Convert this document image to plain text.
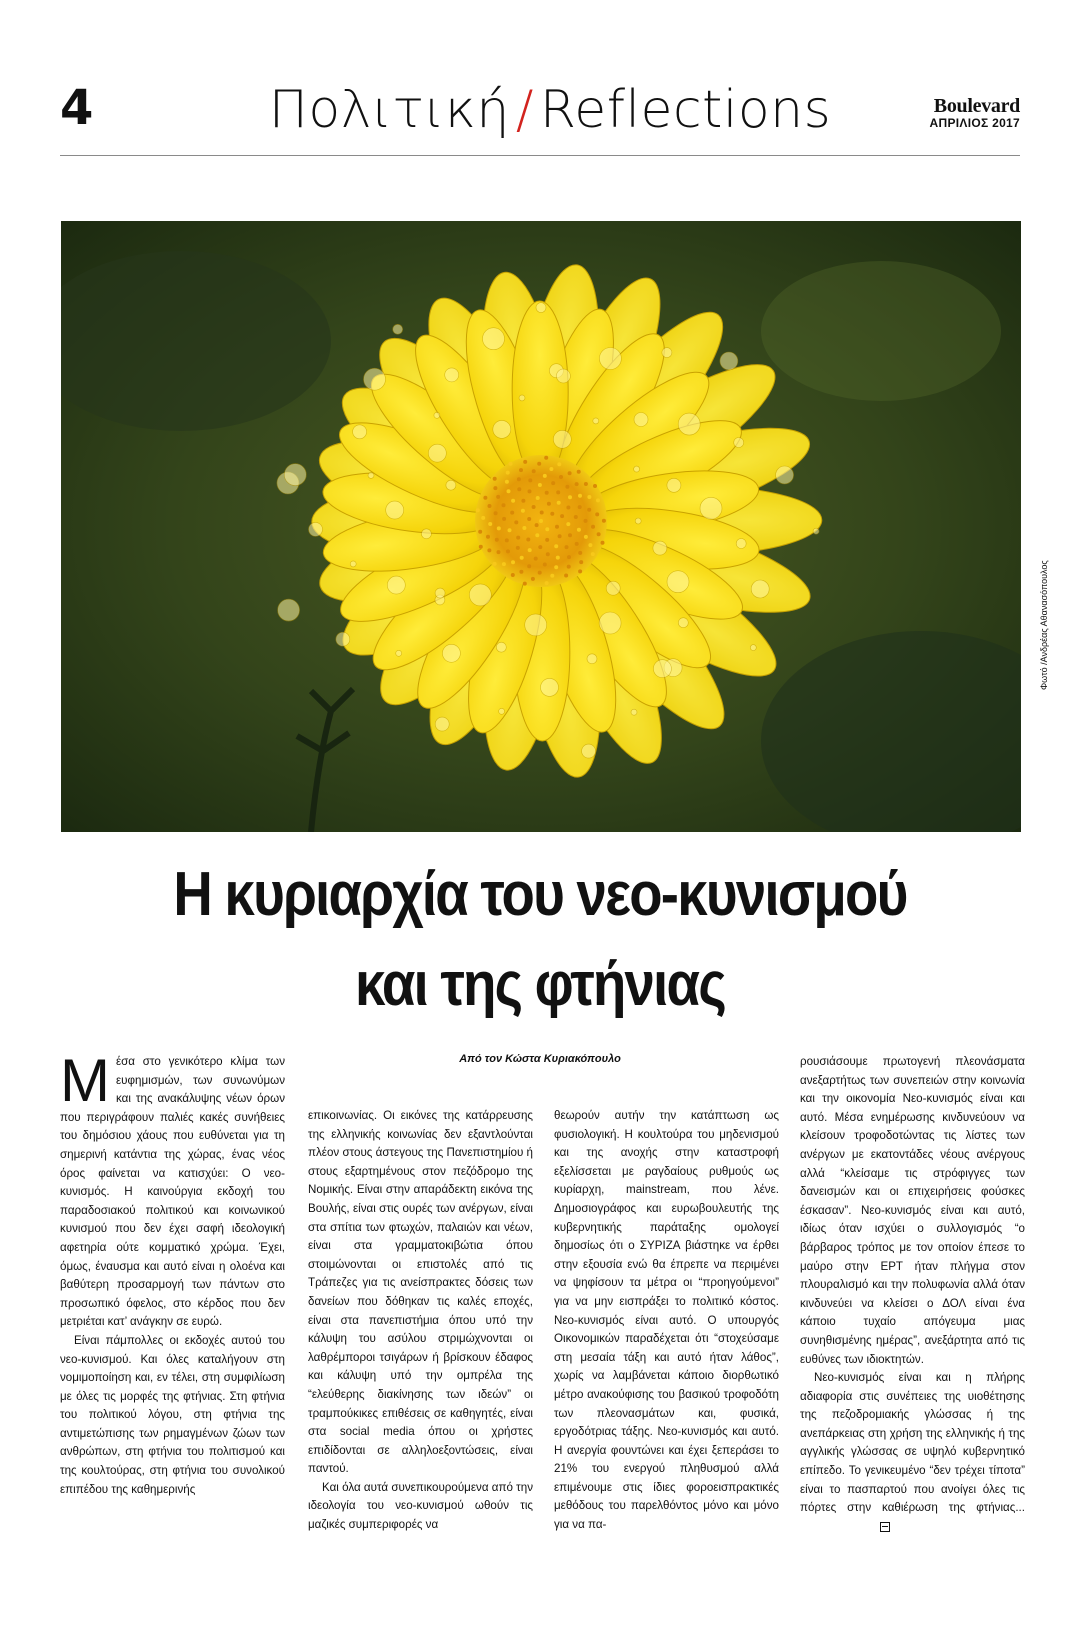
4	Πολιτική / Reflections	Boulevard
ΑΠΡΙΛΙΟΣ 2017
Φωτό /Ανδρέας Αθανασόπουλος
Η κυριαρχία του νεο-κυνισμού
και της φτήνιας
Από τον Κώστα Κυριακόπουλο

Μέσα στο γενικότερο κλίμα των ευφημισμών, των συνωνύμων και της ανακάλυψης νέων όρων που περιγράφουν παλιές κακές συνήθειες του δημόσιου χάους που ευθύνεται για τη σημερινή κατάντια της χώρας, ένας νέος όρος φαίνεται να κατισχύει: Ο νεο-κυνισμός. Η καινούργια εκδοχή του παραδοσιακού πολιτικού και κοινωνικού κυνισμού που δεν έχει σαφή ιδεολογική αφετηρία ούτε κομματικό χρώμα. Έχει, όμως, έναυσμα και αυτό είναι η ολοένα και βαθύτερη προσαρμογή των πάντων στο προσωπικό όφελος, στο κέρδος που δεν μετριέται κατ’ ανάγκην σε ευρώ.

Είναι πάμπολλες οι εκδοχές αυτού του νεο-κυνισμού. Και όλες καταλήγουν στη νομιμοποίηση και, εν τέλει, στη συμφιλίωση με όλες τις μορφές της φτήνιας. Στη φτήνια του πολιτικού λόγου, στη φτήνια της αντιμετώπισης των ρημαγμένων ζώων των ανθρώπων, στη φτήνια του πολιτισμού και της κουλτούρας, στη φτήνια του συνολικού επιπέδου της καθημερινής

επικοινωνίας. Οι εικόνες της κατάρρευσης της ελληνικής κοινωνίας δεν εξαντλούνται πλέον στους άστεγους της Πανεπιστημίου ή στους εξαρτημένους στον πεζόδρομο της Νομικής. Είναι στην απαράδεκτη εικόνα της Βουλής, είναι στις ουρές των ανέργων, είναι στα σπίτια των φτωχών, παλαιών και νέων, είναι στα γραμματοκιβώτια όπου στοιμώνονται οι επιστολές από τις Τράπεζες για τις ανείσπρακτες δόσεις των δανείων που δόθηκαν τις καλές εποχές, είναι στα πανεπιστήμια όπου υπό την κάλυψη του ασύλου στριμώχνονται οι λαθρέμποροι τσιγάρων ή βρίσκουν έδαφος και κάλυψη υπό την ομπρέλα της “ελεύθερης διακίνησης των ιδεών” οι τραμπούκικες επιθέσεις σε καθηγητές, είναι στα social media όπου οι χρήστες επιδίδονται σε αλληλοεξοντώσεις, είναι παντού.

Και όλα αυτά συνεπικουρούμενα από την ιδεολογία του νεο-κυνισμού ωθούν τις μαζικές συμπεριφορές να

θεωρούν αυτήν την κατάπτωση ως φυσιολογική. Η κουλτούρα του μηδενισμού και της ανοχής στην καταστροφή εξελίσσεται με ραγδαίους ρυθμούς ως κυρίαρχη, mainstream, που λένε. Δημοσιογράφος και ευρωβουλευτής της κυβερνητικής παράταξης ομολογεί δημοσίως ότι ο ΣΥΡΙΖΑ βιάστηκε να έρθει στην εξουσία ενώ θα έπρεπε να περιμένει να ψηφίσουν τα μέτρα οι “προηγούμενοι” για να μην εισπράξει το πολιτικό κόστος. Νεο-κυνισμός είναι αυτό. Ο υπουργός Οικονομικών παραδέχεται ότι “στοχεύσαμε στη μεσαία τάξη και αυτό ήταν λάθος”, χωρίς να λαμβάνεται κάποιο διορθωτικό μέτρο ανακούφισης του βασικού τροφοδότη των πλεονασμάτων και, φυσικά, εργοδότριας τάξης. Νεο-κυνισμός και αυτό. Η ανεργία φουντώνει και έχει ξεπεράσει το 21% του ενεργού πληθυσμού αλλά επιμένουμε στις ίδιες φοροεισπρακτικές μεθόδους του παρελθόντος μόνο και μόνο για να πα-

ρουσιάσουμε πρωτογενή πλεονάσματα ανεξαρτήτως των συνεπειών στην κοινωνία και την οικονομία Νεο-κυνισμός είναι και αυτό. Μέσα ενημέρωσης κινδυνεύουν να κλείσουν τροφοδοτώντας τις λίστες των ανέργων με εκατοντάδες νέους ανέργους αλλά “κλείσαμε τις στρόφιγγες των δανεισμών και οι επιχειρήσεις φούσκες έσκασαν”. Νεο-κυνισμός είναι και αυτό, ιδίως όταν ισχύει ο συλλογισμός “ο βάρβαρος τρόπος με τον οποίον έπεσε το μαύρο στην ΕΡΤ ήταν πλήγμα στον πλουραλισμό και την πολυφωνία αλλά όταν κινδυνεύει να κλείσει ο ΔΟΛ είναι ένα κάποιο τυχαίο απόγευμα μιας συνηθισμένης ημέρας”, ανεξάρτητα από τις ευθύνες των ιδιοκτητών.

Νεο-κυνισμός είναι και η πλήρης αδιαφορία στις συνέπειες της υιοθέτησης της πεζοδρομιακής γλώσσας ή της ανεπάρκειας στη χρήση της ελληνικής ή της αγγλικής γλώσσας σε υψηλό κυβερνητικό επίπεδο. Το γενικευμένο “δεν τρέχει τίποτα” είναι το πασπαρτού που ανοίγει όλες τις πόρτες στην καθιέρωση της φτήνιας...
